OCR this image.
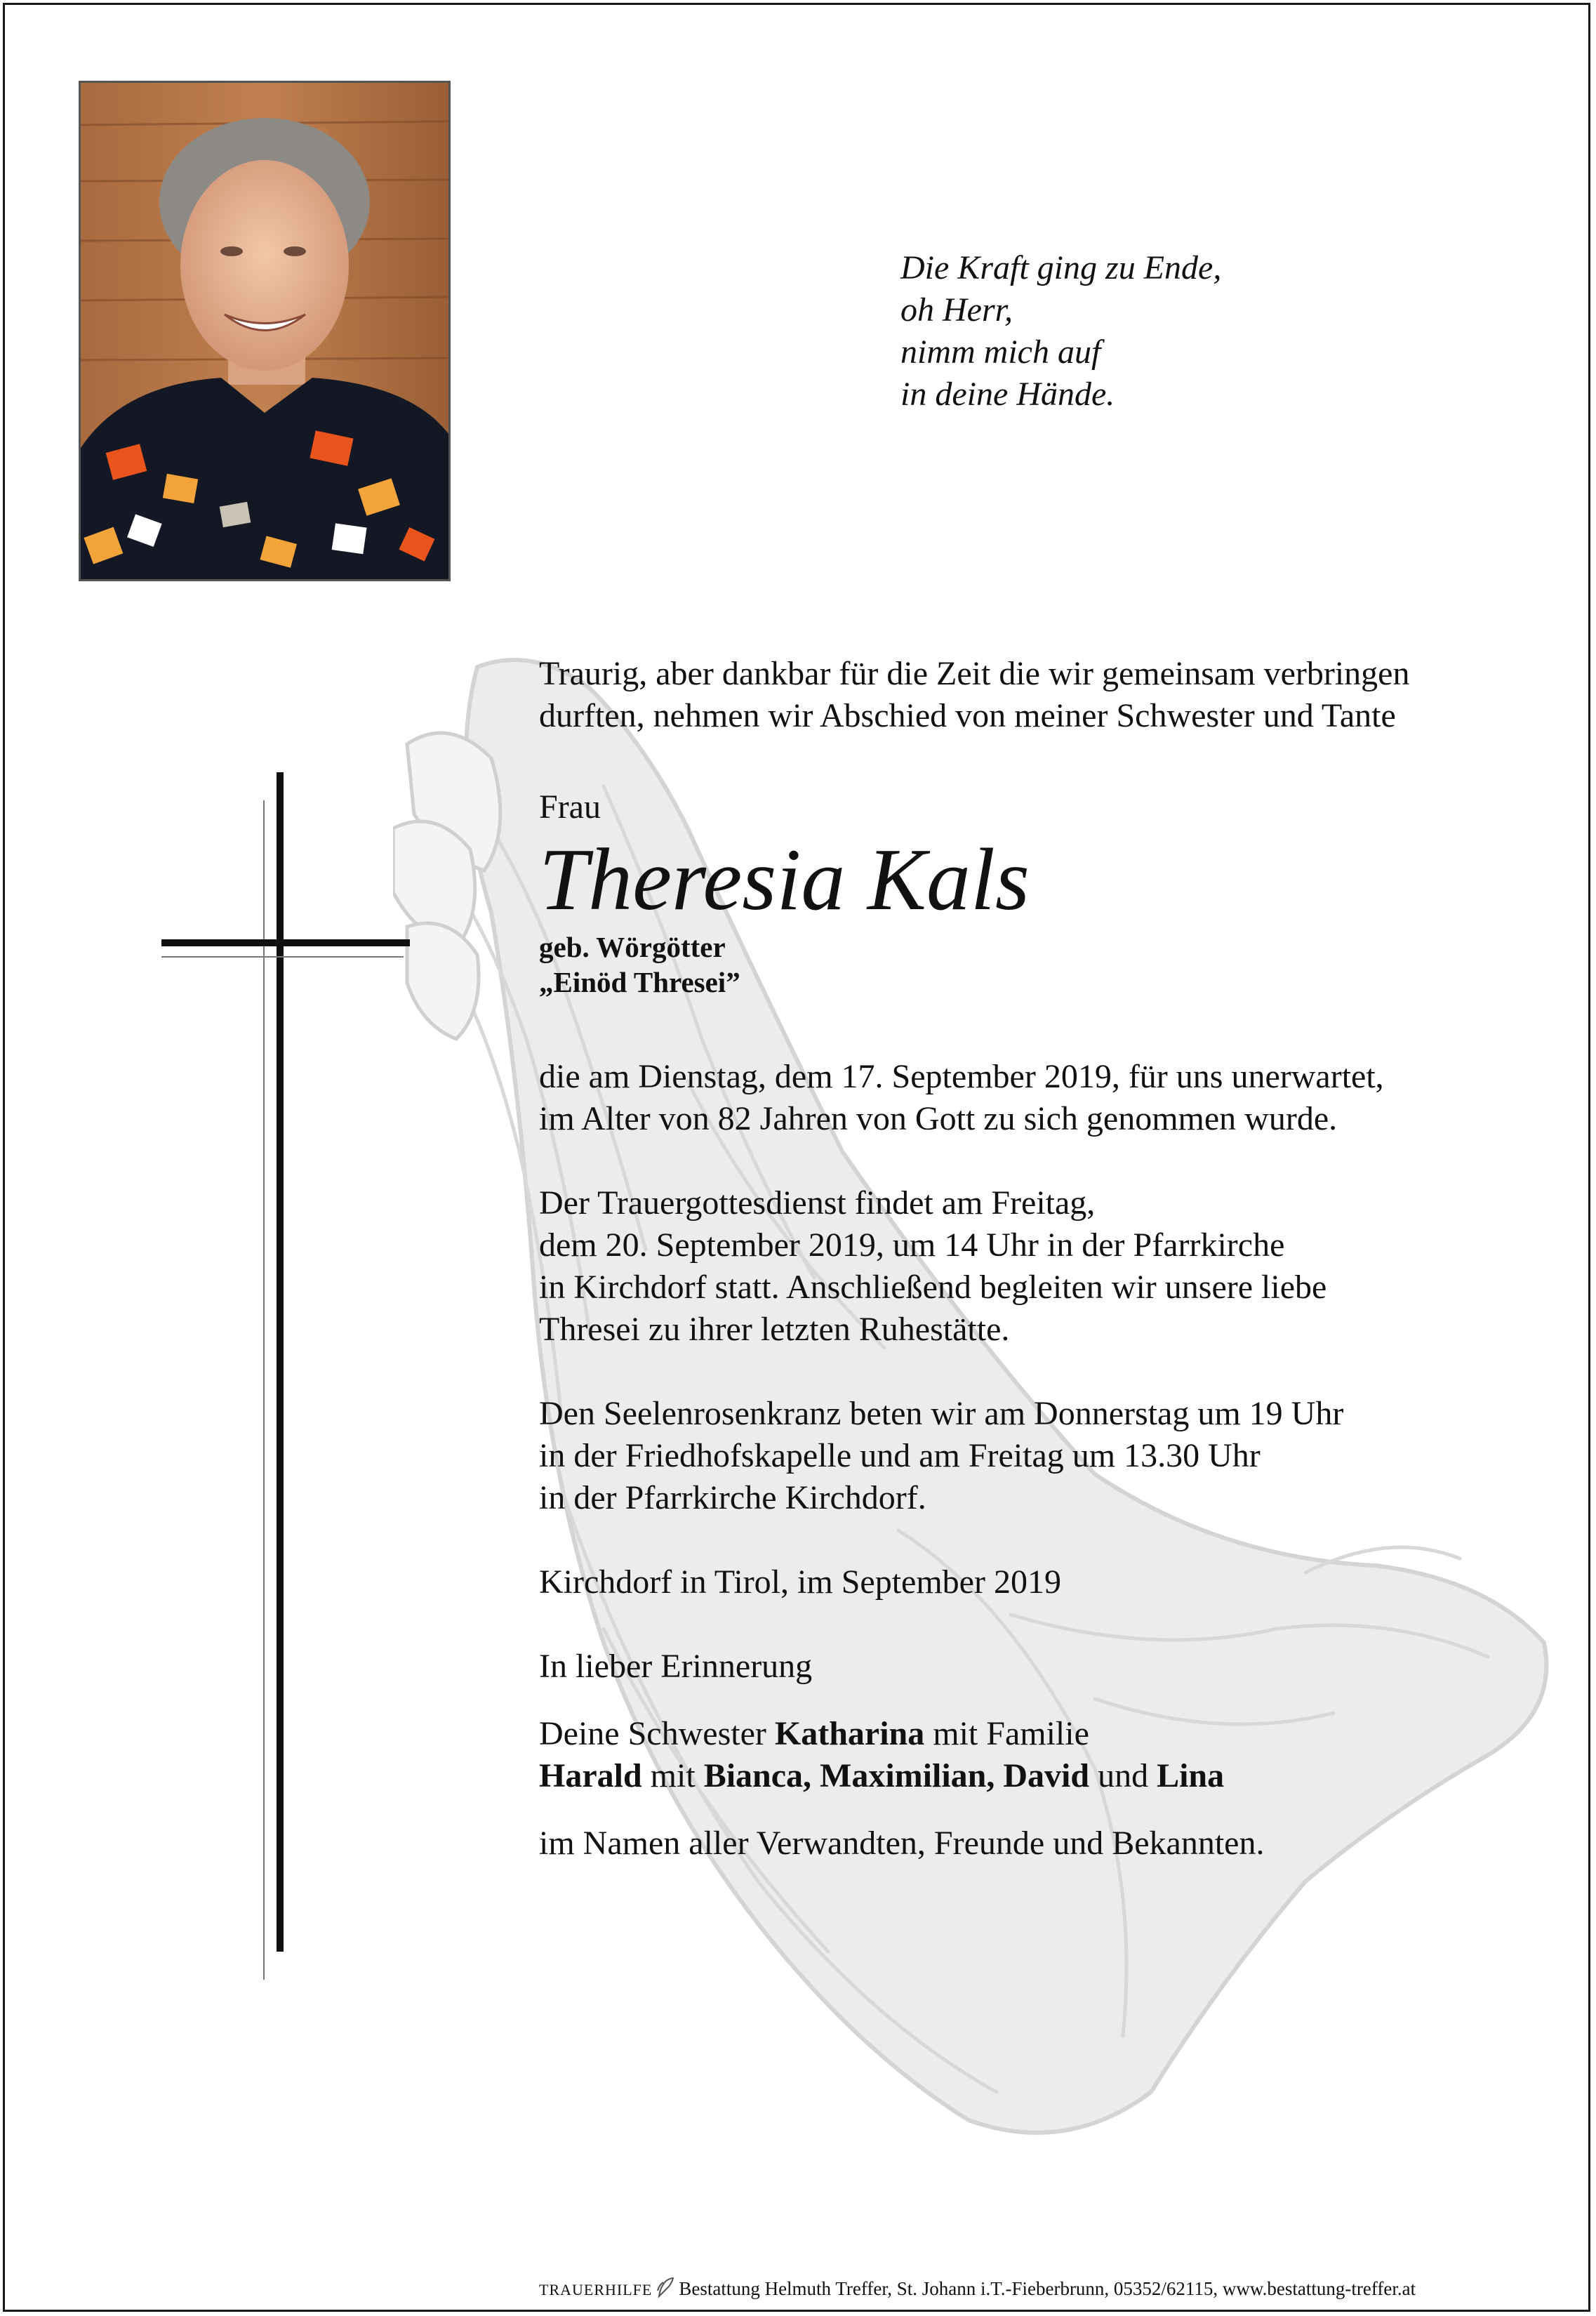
Die Kraft ging zu Ende,
oh Herr,
nimm mich auf
in deine Hände.
Traurig, aber dankbar für die Zeit die wir gemeinsam verbringen
durften, nehmen wir Abschied von meiner Schwester und Tante
Frau
Theresia Kals
geb. Wörgötter
„Einöd Thresei”
die am Dienstag, dem 17. September 2019, für uns unerwartet,
im Alter von 82 Jahren von Gott zu sich genommen wurde.
Der Trauergottesdienst findet am Freitag,
dem 20. September 2019, um 14 Uhr in der Pfarrkirche
in Kirchdorf statt. Anschließend begleiten wir unsere liebe
Thresei zu ihrer letzten Ruhestätte.
Den Seelenrosenkranz beten wir am Donnerstag um 19 Uhr
in der Friedhofskapelle und am Freitag um 13.30 Uhr
in der Pfarrkirche Kirchdorf.
Kirchdorf in Tirol, im September 2019
In lieber Erinnerung
Deine Schwester Katharina mit Familie
Harald mit Bianca, Maximilian, David und Lina
im Namen aller Verwandten, Freunde und Bekannten.
TRAUERHILFE Bestattung Helmuth Treffer, St. Johann i.T.-Fieberbrunn, 05352/62115, www.bestattung-treffer.at
